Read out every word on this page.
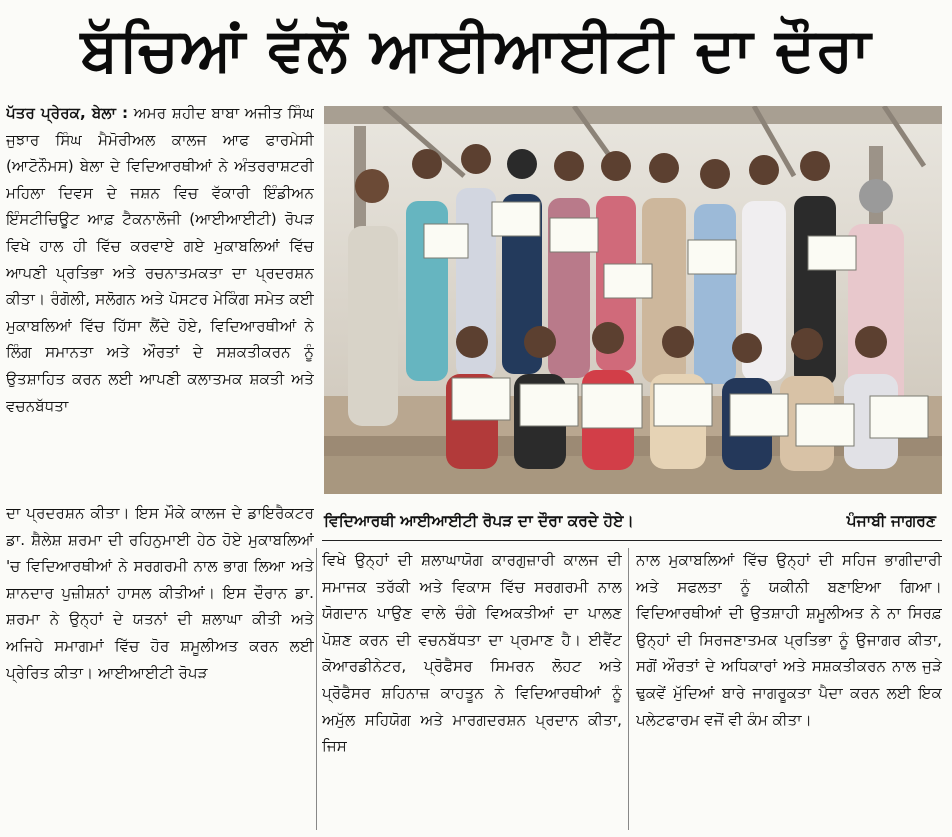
ਬੱਚਿਆਂ ਵੱਲੋਂ ਆਈਆਈਟੀ ਦਾ ਦੌਰਾ

ਪੱਤਰ ਪ੍ਰੇਰਕ, ਬੇਲਾ : ਅਮਰ ਸ਼ਹੀਦ ਬਾਬਾ ਅਜੀਤ ਸਿੰਘ ਜੁਝਾਰ ਸਿੰਘ ਮੈਮੋਰੀਅਲ ਕਾਲਜ ਆਫ ਫਾਰਮੇਸੀ (ਆਟੋਨੌਮਸ) ਬੇਲਾ ਦੇ ਵਿਦਿਆਰਥੀਆਂ ਨੇ ਅੰਤਰਰਾਸ਼ਟਰੀ ਮਹਿਲਾ ਦਿਵਸ ਦੇ ਜਸ਼ਨ ਵਿਚ ਵੱਕਾਰੀ ਇੰਡੀਅਨ ਇੰਸਟੀਚਿਊਟ ਆਫ਼ ਟੈਕਨਾਲੋਜੀ (ਆਈਆਈਟੀ) ਰੋਪੜ ਵਿਖੇ ਹਾਲ ਹੀ ਵਿੱਚ ਕਰਵਾਏ ਗਏ ਮੁਕਾਬਲਿਆਂ ਵਿੱਚ ਆਪਣੀ ਪ੍ਰਤਿਭਾ ਅਤੇ ਰਚਨਾਤਮਕਤਾ ਦਾ ਪ੍ਰਦਰਸ਼ਨ ਕੀਤਾ। ਰੰਗੋਲੀ, ਸਲੋਗਨ ਅਤੇ ਪੋਸਟਰ ਮੇਕਿੰਗ ਸਮੇਤ ਕਈ ਮੁਕਾਬਲਿਆਂ ਵਿੱਚ ਹਿੱਸਾ ਲੈਂਦੇ ਹੋਏ, ਵਿਦਿਆਰਥੀਆਂ ਨੇ ਲਿੰਗ ਸਮਾਨਤਾ ਅਤੇ ਔਰਤਾਂ ਦੇ ਸਸ਼ਕਤੀਕਰਨ ਨੂੰ ਉਤਸ਼ਾਹਿਤ ਕਰਨ ਲਈ ਆਪਣੀ ਕਲਾਤਮਕ ਸ਼ਕਤੀ ਅਤੇ ਵਚਨਬੱਧਤਾ

ਵਿਦਿਆਰਥੀ ਆਈਆਈਟੀ ਰੋਪੜ ਦਾ ਦੌਰਾ ਕਰਦੇ ਹੋਏ।	ਪੰਜਾਬੀ ਜਾਗਰਣ

ਦਾ ਪ੍ਰਦਰਸ਼ਨ ਕੀਤਾ। ਇਸ ਮੌਕੇ ਕਾਲਜ ਦੇ ਡਾਇਰੈਕਟਰ ਡਾ. ਸ਼ੈਲੇਸ਼ ਸ਼ਰਮਾ ਦੀ ਰਹਿਨੁਮਾਈ ਹੇਠ ਹੋਏ ਮੁਕਾਬਲਿਆਂ 'ਚ ਵਿਦਿਆਰਥੀਆਂ ਨੇ ਸਰਗਰਮੀ ਨਾਲ ਭਾਗ ਲਿਆ ਅਤੇ ਸ਼ਾਨਦਾਰ ਪੁਜ਼ੀਸ਼ਨਾਂ ਹਾਸਲ ਕੀਤੀਆਂ। ਇਸ ਦੌਰਾਨ ਡਾ. ਸ਼ਰਮਾ ਨੇ ਉਨ੍ਹਾਂ ਦੇ ਯਤਨਾਂ ਦੀ ਸ਼ਲਾਘਾ ਕੀਤੀ ਅਤੇ ਅਜਿਹੇ ਸਮਾਗਮਾਂ ਵਿੱਚ ਹੋਰ ਸ਼ਮੂਲੀਅਤ ਕਰਨ ਲਈ ਪ੍ਰੇਰਿਤ ਕੀਤਾ। ਆਈਆਈਟੀ ਰੋਪੜ

ਵਿਖੇ ਉਨ੍ਹਾਂ ਦੀ ਸ਼ਲਾਘਾਯੋਗ ਕਾਰਗੁਜ਼ਾਰੀ ਕਾਲਜ ਦੀ ਸਮਾਜਕ ਤਰੱਕੀ ਅਤੇ ਵਿਕਾਸ ਵਿੱਚ ਸਰਗਰਮੀ ਨਾਲ ਯੋਗਦਾਨ ਪਾਉਣ ਵਾਲੇ ਚੰਗੇ ਵਿਅਕਤੀਆਂ ਦਾ ਪਾਲਣ ਪੋਸ਼ਣ ਕਰਨ ਦੀ ਵਚਨਬੱਧਤਾ ਦਾ ਪ੍ਰਮਾਣ ਹੈ। ਈਵੈਂਟ ਕੋਆਰਡੀਨੇਟਰ, ਪ੍ਰੋਫੈਸਰ ਸਿਮਰਨ ਲੋਹਟ ਅਤੇ ਪ੍ਰੋਫੈਸਰ ਸ਼ਹਿਨਾਜ਼ ਕਾਹਤੂਨ ਨੇ ਵਿਦਿਆਰਥੀਆਂ ਨੂੰ ਅਮੁੱਲ ਸਹਿਯੋਗ ਅਤੇ ਮਾਰਗਦਰਸ਼ਨ ਪ੍ਰਦਾਨ ਕੀਤਾ, ਜਿਸ

ਨਾਲ ਮੁਕਾਬਲਿਆਂ ਵਿੱਚ ਉਨ੍ਹਾਂ ਦੀ ਸਹਿਜ ਭਾਗੀਦਾਰੀ ਅਤੇ ਸਫਲਤਾ ਨੂੰ ਯਕੀਨੀ ਬਣਾਇਆ ਗਿਆ। ਵਿਦਿਆਰਥੀਆਂ ਦੀ ਉਤਸ਼ਾਹੀ ਸ਼ਮੂਲੀਅਤ ਨੇ ਨਾ ਸਿਰਫ਼ ਉਨ੍ਹਾਂ ਦੀ ਸਿਰਜਣਾਤਮਕ ਪ੍ਰਤਿਭਾ ਨੂੰ ਉਜਾਗਰ ਕੀਤਾ, ਸਗੋਂ ਔਰਤਾਂ ਦੇ ਅਧਿਕਾਰਾਂ ਅਤੇ ਸਸ਼ਕਤੀਕਰਨ ਨਾਲ ਜੁੜੇ ਢੁਕਵੇਂ ਮੁੱਦਿਆਂ ਬਾਰੇ ਜਾਗਰੂਕਤਾ ਪੈਦਾ ਕਰਨ ਲਈ ਇਕ ਪਲੇਟਫਾਰਮ ਵਜੋਂ ਵੀ ਕੰਮ ਕੀਤਾ।
